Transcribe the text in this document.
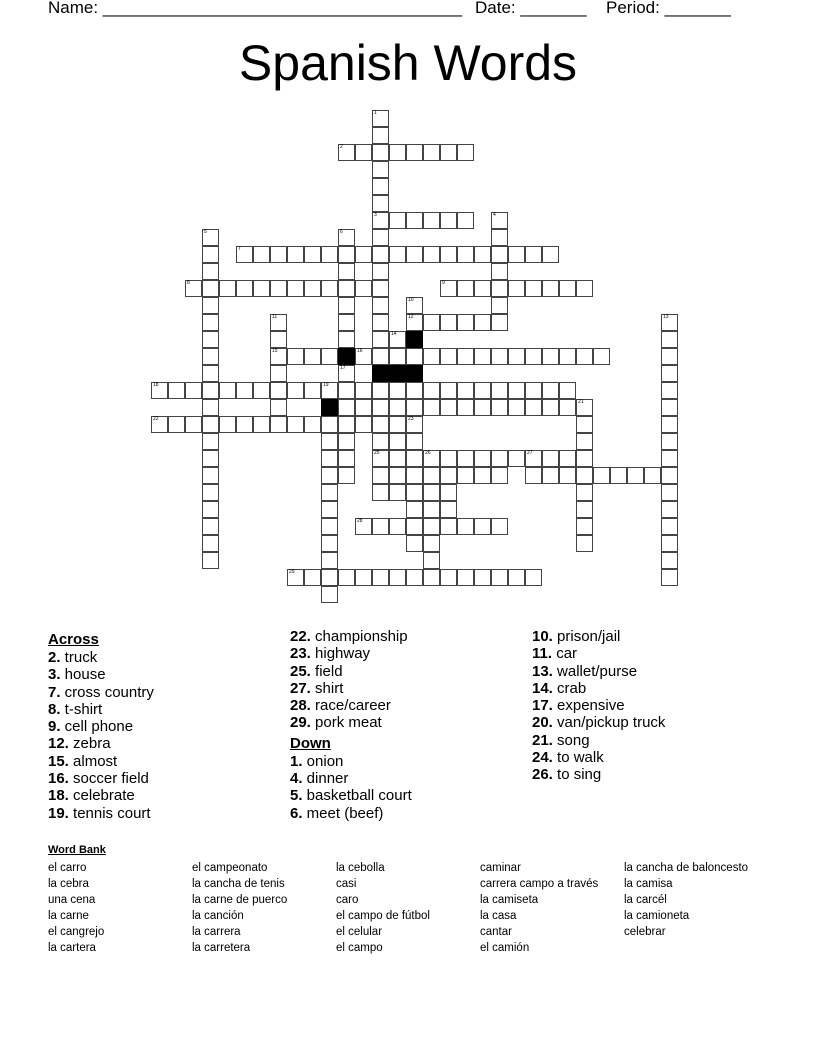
Name: ______________________________________ Date: _______ Period: _______
Spanish Words
2
3
7
8	9
12
15	16
18	19
21
22	23
26	27
28
29
1
25
4
5	6
17
10
11	13
14
Across
2. truck
3. house
7. cross country
8. t-shirt
9. cell phone
12. zebra
15. almost
16. soccer field
18. celebrate
19. tennis court
22. championship
23. highway
25. field
27. shirt
28. race/career
29. pork meat
Down
1. onion
4. dinner
5. basketball court
6. meet (beef)
10. prison/jail
11. car
13. wallet/purse
14. crab
17. expensive
20. van/pickup truck
21. song
24. to walk
26. to sing
Word Bank
el carro
la cebra
una cena
la carne
el cangrejo
la cartera
el campeonato
la cancha de tenis
la carne de puerco
la canción
la carrera
la carretera
la cebolla
casi
caro
el campo de fútbol
el celular
el campo
caminar
carrera campo a través
la camiseta
la casa
cantar
el camión
la cancha de baloncesto
la camisa
la carcél
la camioneta
celebrar
